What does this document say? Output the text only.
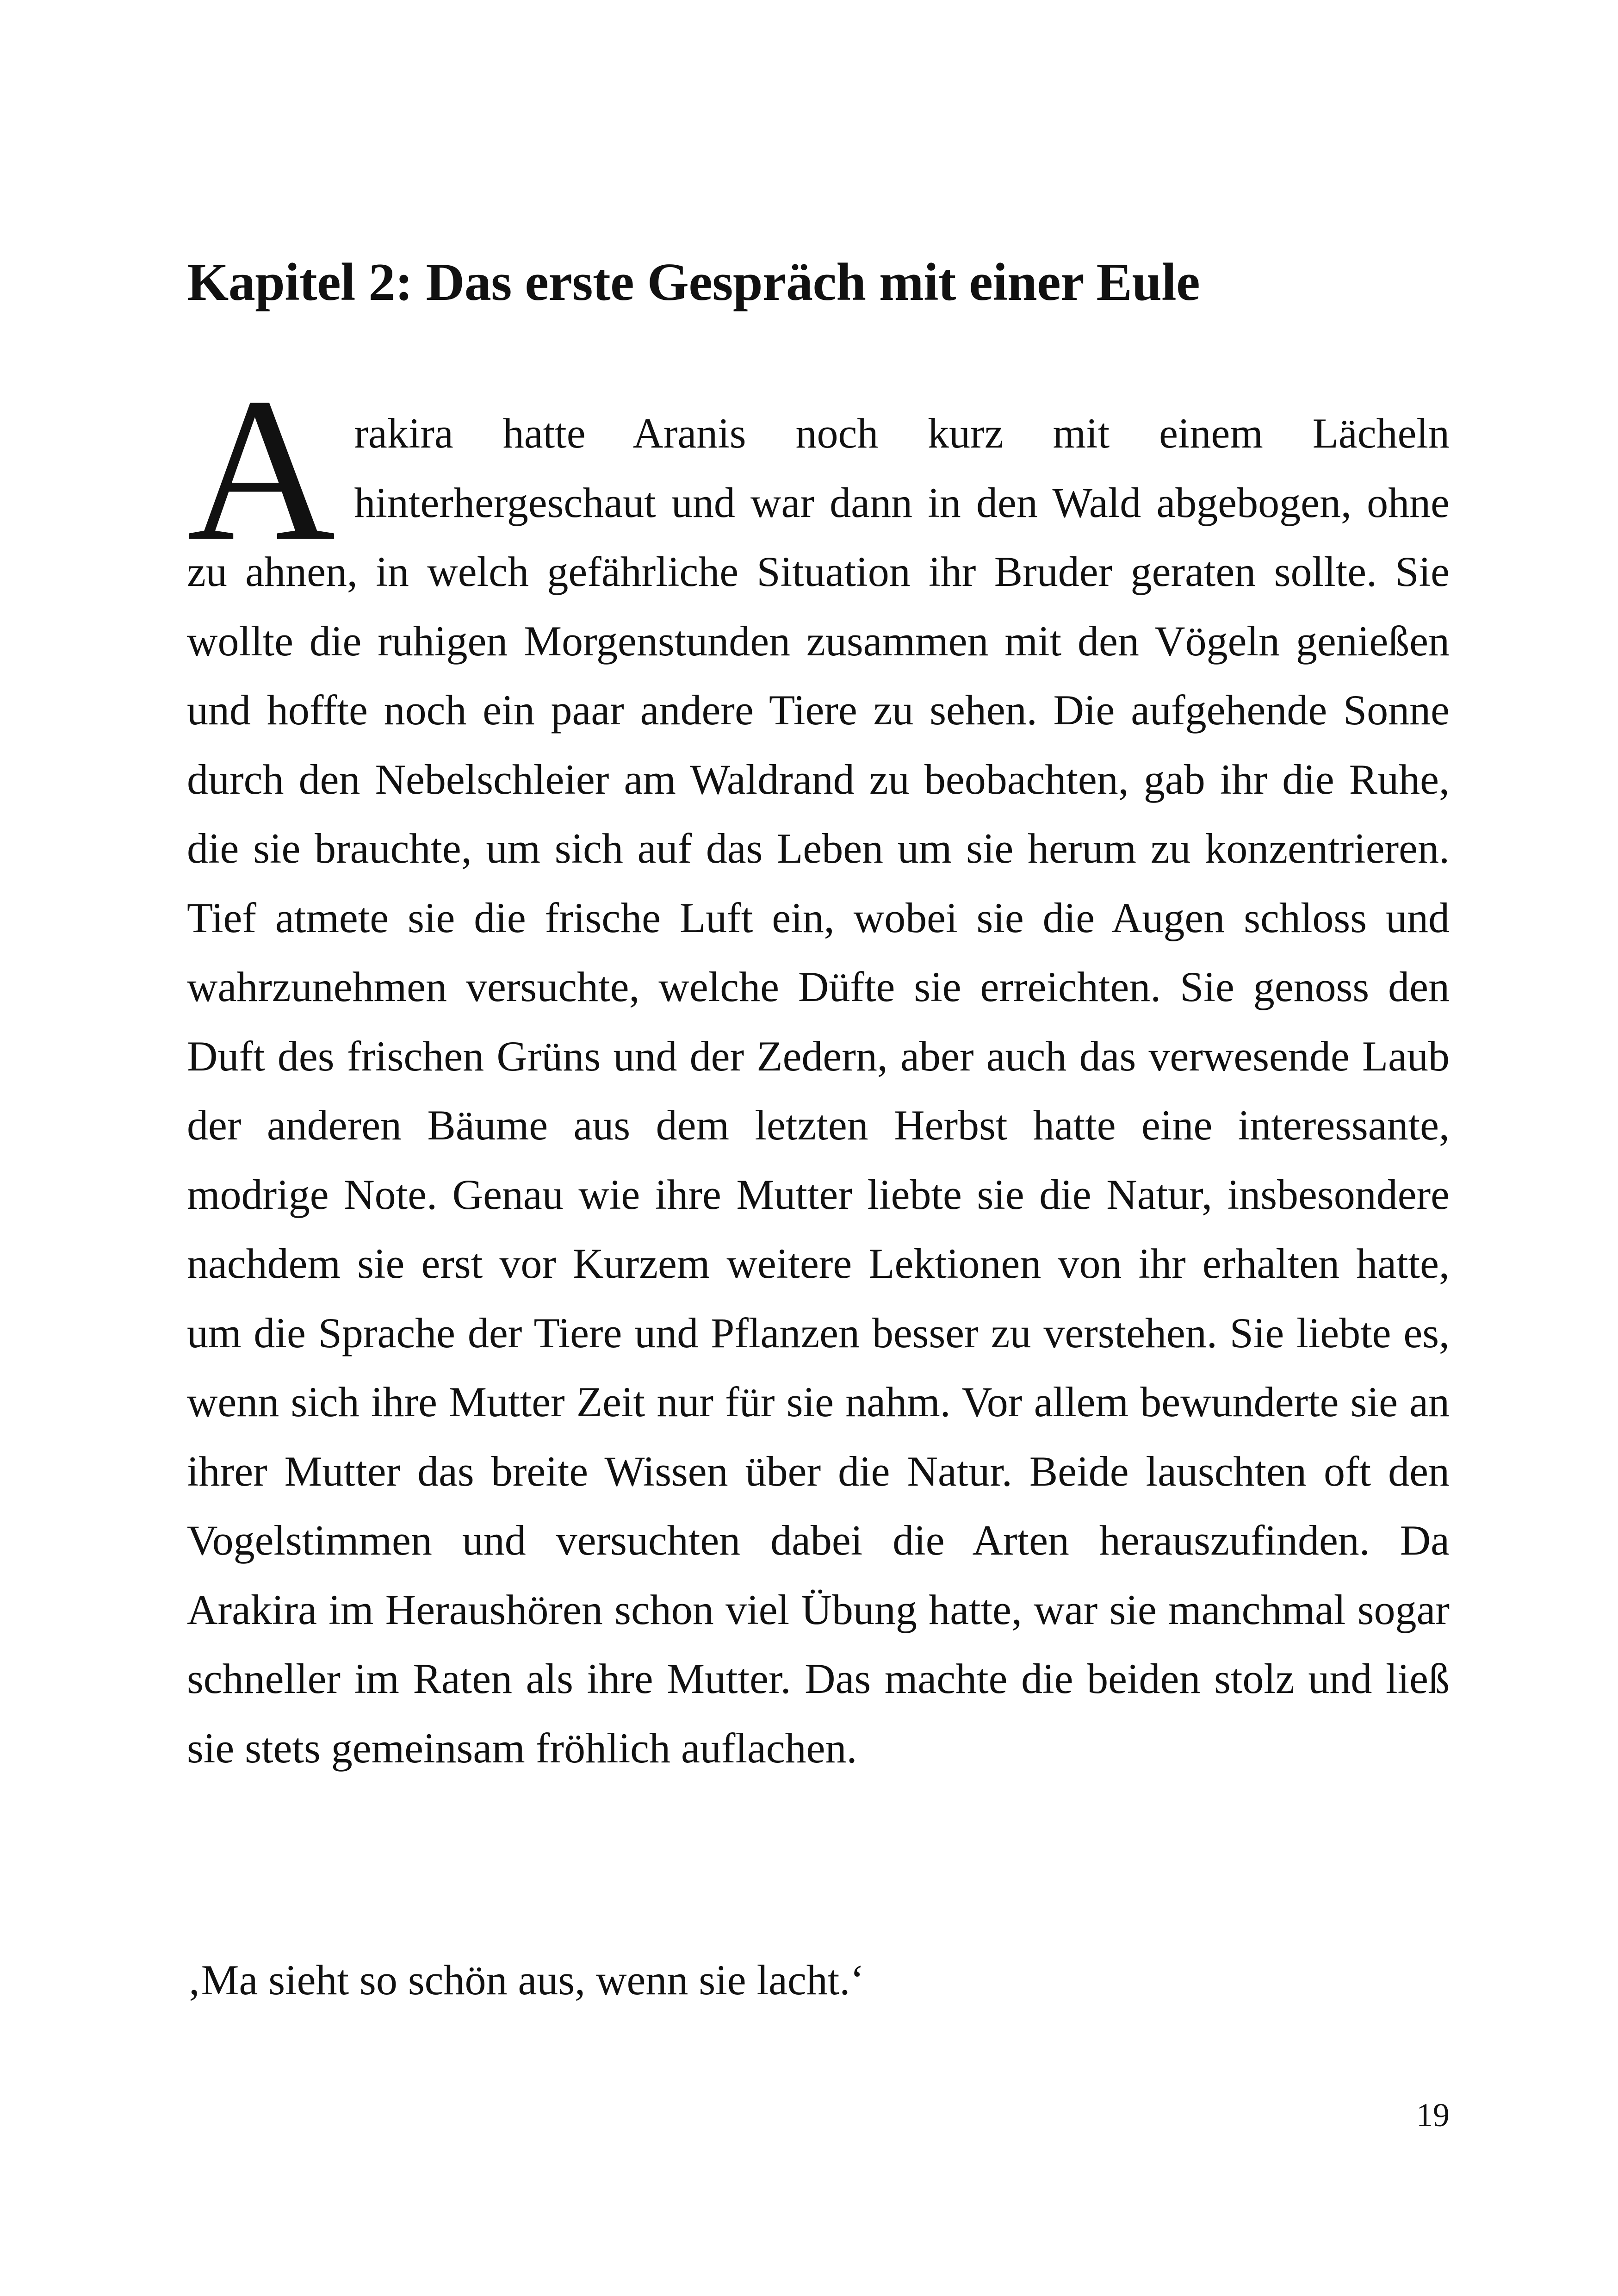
Kapitel 2: Das erste Gespräch mit einer Eule

Arakira hatte Aranis noch kurz mit einem Lächeln hinterhergeschaut und war dann in den Wald abgebogen, ohne zu ahnen, in welch gefährliche Situation ihr Bruder geraten sollte. Sie wollte die ruhigen Morgenstunden zusammen mit den Vögeln genießen und hoffte noch ein paar andere Tiere zu sehen. Die aufgehende Sonne durch den Nebelschleier am Waldrand zu beobachten, gab ihr die Ruhe, die sie brauchte, um sich auf das Leben um sie herum zu konzentrieren. Tief atmete sie die frische Luft ein, wobei sie die Augen schloss und wahrzunehmen versuchte, welche Düfte sie erreichten. Sie genoss den Duft des frischen Grüns und der Zedern, aber auch das verwesende Laub der anderen Bäume aus dem letzten Herbst hatte eine interessante, modrige Note. Genau wie ihre Mutter liebte sie die Natur, insbesondere nachdem sie erst vor Kurzem weitere Lektionen von ihr erhalten hatte, um die Sprache der Tiere und Pflanzen besser zu verstehen. Sie liebte es, wenn sich ihre Mutter Zeit nur für sie nahm. Vor allem bewunderte sie an ihrer Mutter das breite Wissen über die Natur. Beide lauschten oft den Vogelstimmen und versuchten dabei die Arten herauszufinden. Da Arakira im Heraushören schon viel Übung hatte, war sie manchmal sogar schneller im Raten als ihre Mutter. Das machte die beiden stolz und ließ sie stets gemeinsam fröhlich auflachen.

‚Ma sieht so schön aus, wenn sie lacht.‘

19
